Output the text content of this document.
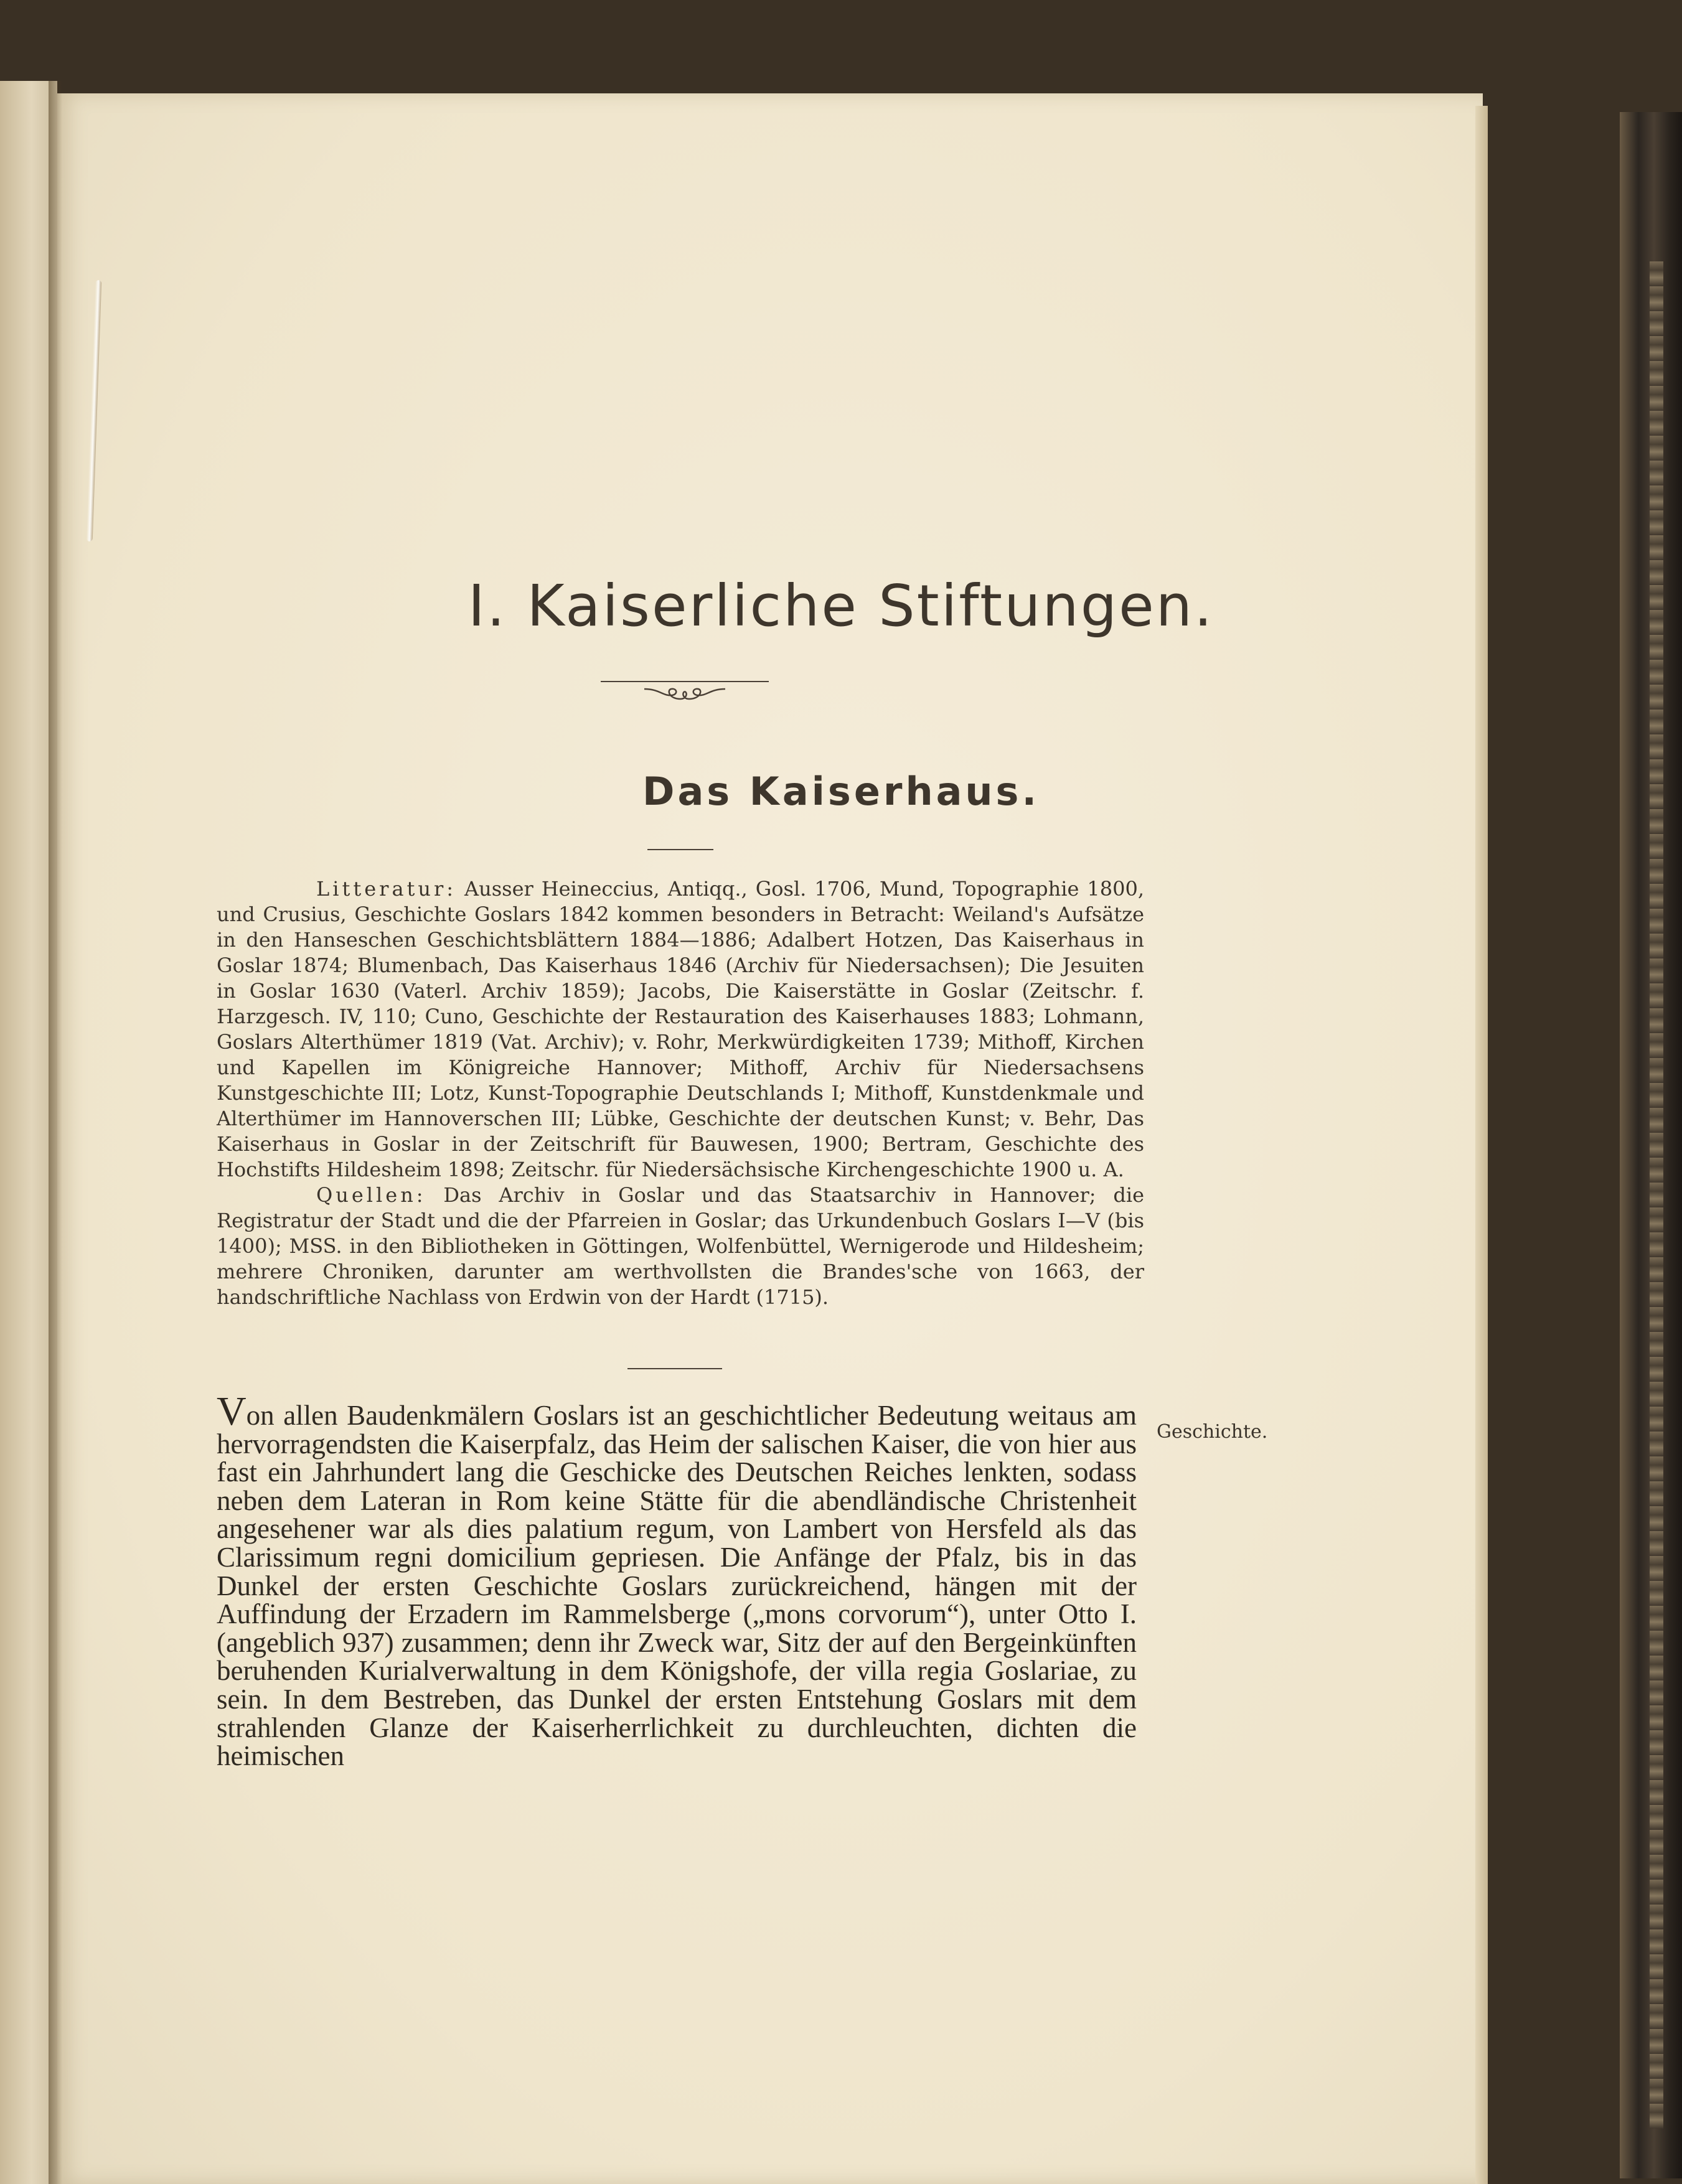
I. Kaiserliche Stiftungen.
Das Kaiserhaus.

Litteratur: Ausser Heineccius, Antiqq., Gosl. 1706, Mund, Topographie 1800, und Crusius, Geschichte Goslars 1842 kommen besonders in Betracht: Weiland's Aufsätze in den Hanseschen Geschichtsblättern 1884—1886; Adalbert Hotzen, Das Kaiserhaus in Goslar 1874; Blumenbach, Das Kaiserhaus 1846 (Archiv für Niedersachsen); Die Jesuiten in Goslar 1630 (Vaterl. Archiv 1859); Jacobs, Die Kaiserstätte in Goslar (Zeitschr. f. Harzgesch. IV, 110; Cuno, Geschichte der Restauration des Kaiserhauses 1883; Lohmann, Goslars Alterthümer 1819 (Vat. Archiv); v. Rohr, Merkwürdigkeiten 1739; Mithoff, Kirchen und Kapellen im Königreiche Hannover; Mithoff, Archiv für Niedersachsens Kunstgeschichte III; Lotz, Kunst-Topographie Deutschlands I; Mithoff, Kunstdenkmale und Alterthümer im Hannoverschen III; Lübke, Geschichte der deutschen Kunst; v. Behr, Das Kaiserhaus in Goslar in der Zeitschrift für Bauwesen, 1900; Bertram, Geschichte des Hochstifts Hildesheim 1898; Zeitschr. für Niedersächsische Kirchengeschichte 1900 u. A.

Quellen: Das Archiv in Goslar und das Staatsarchiv in Hannover; die Registratur der Stadt und die der Pfarreien in Goslar; das Urkundenbuch Goslars I—V (bis 1400); MSS. in den Bibliotheken in Göttingen, Wolfenbüttel, Wernigerode und Hildesheim; mehrere Chroniken, darunter am werthvollsten die Brandes'sche von 1663, der handschriftliche Nachlass von Erdwin von der Hardt (1715).

Von allen Baudenkmälern Goslars ist an geschichtlicher Bedeutung weitaus am hervorragendsten die Kaiserpfalz, das Heim der salischen Kaiser, die von hier aus fast ein Jahrhundert lang die Geschicke des Deutschen Reiches lenkten, sodass neben dem Lateran in Rom keine Stätte für die abendländische Christenheit angesehener war als dies palatium regum, von Lambert von Hersfeld als das Clarissimum regni domicilium gepriesen. Die Anfänge der Pfalz, bis in das Dunkel der ersten Geschichte Goslars zurückreichend, hängen mit der Auffindung der Erzadern im Rammelsberge („mons corvorum“), unter Otto I. (angeblich 937) zusammen; denn ihr Zweck war, Sitz der auf den Bergeinkünften beruhenden Kurialverwaltung in dem Königshofe, der villa regia Goslariae, zu sein. In dem Bestreben, das Dunkel der ersten Entstehung Goslars mit dem strahlenden Glanze der Kaiserherrlichkeit zu durchleuchten, dichten die heimischen

Geschichte.
